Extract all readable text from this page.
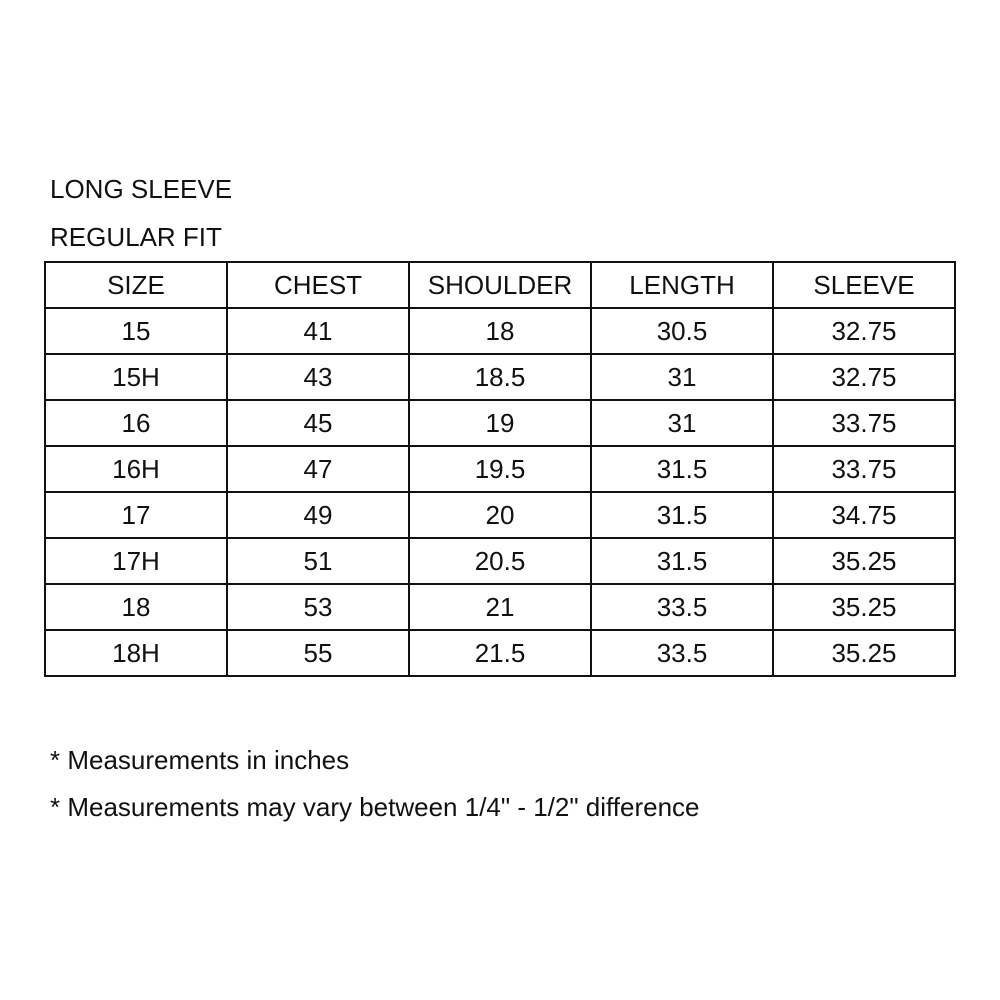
LONG SLEEVE
REGULAR FIT
SIZE	CHEST	SHOULDER	LENGTH	SLEEVE
15	41	18	30.5	32.75
15H	43	18.5	31	32.75
16	45	19	31	33.75
16H	47	19.5	31.5	33.75
17	49	20	31.5	34.75
17H	51	20.5	31.5	35.25
18	53	21	33.5	35.25
18H	55	21.5	33.5	35.25
* Measurements in inches
* Measurements may vary between 1/4" - 1/2" difference
